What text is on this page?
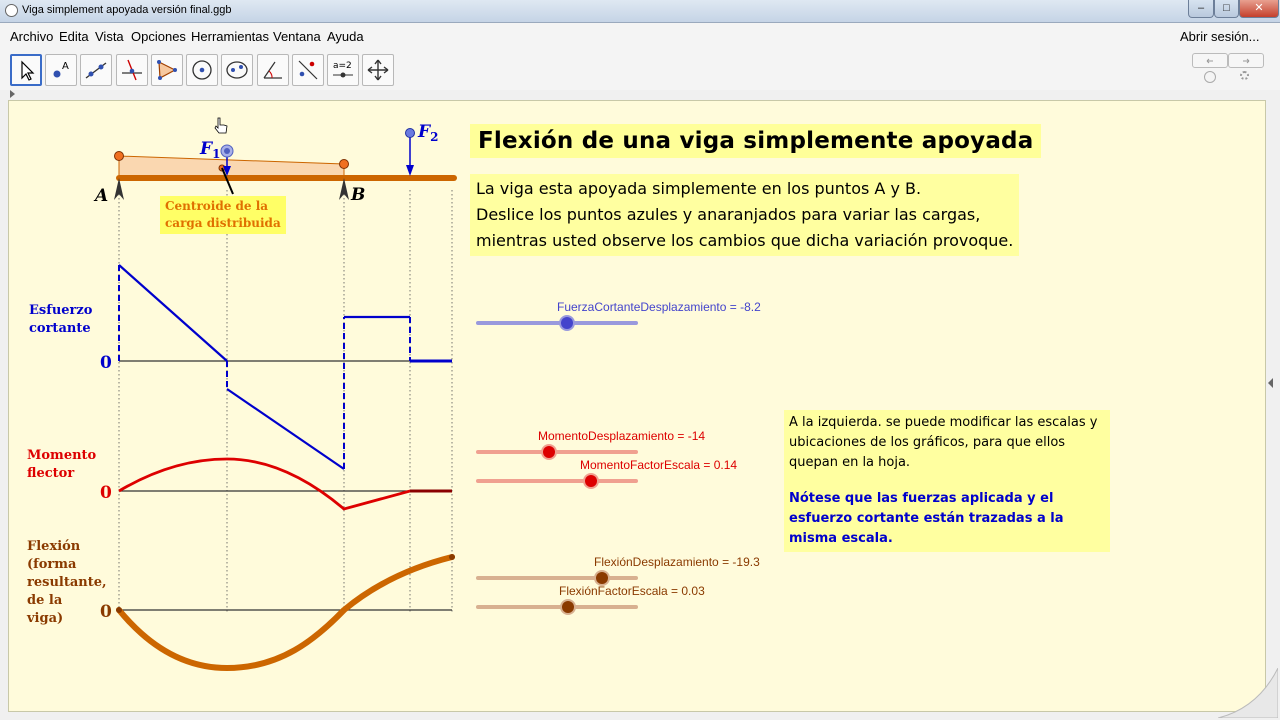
Viga simplement apoyada versión final.ggb	–	□	✕
Archivo Edita Vista Opciones Herramientas Ventana Ayuda	Abrir sesión...
A	a=2
A	B
$F_1$
$F_2$
0
0
0
Centroide de la
carga distribuida
Esfuerzo
cortante
Momento
flector
Flexión
(forma
resultante,
de la
viga)
Flexión de una viga simplemente apoyada
La viga esta apoyada simplemente en los puntos A y B.
Deslice los puntos azules y anaranjados para variar las cargas,
mientras usted observe los cambios que dicha variación provoque.
A la izquierda. se puede modificar las escalas y ubicaciones de los gráficos, para que ellos quepan en la hoja.
Nótese que las fuerzas aplicada y el esfuerzo cortante están trazadas a la misma escala.
FuerzaCortanteDesplazamiento = -8.2
MomentoDesplazamiento = -14
MomentoFactorEscala = 0.14
FlexiónDesplazamiento = -19.3
FlexiónFactorEscala = 0.03
